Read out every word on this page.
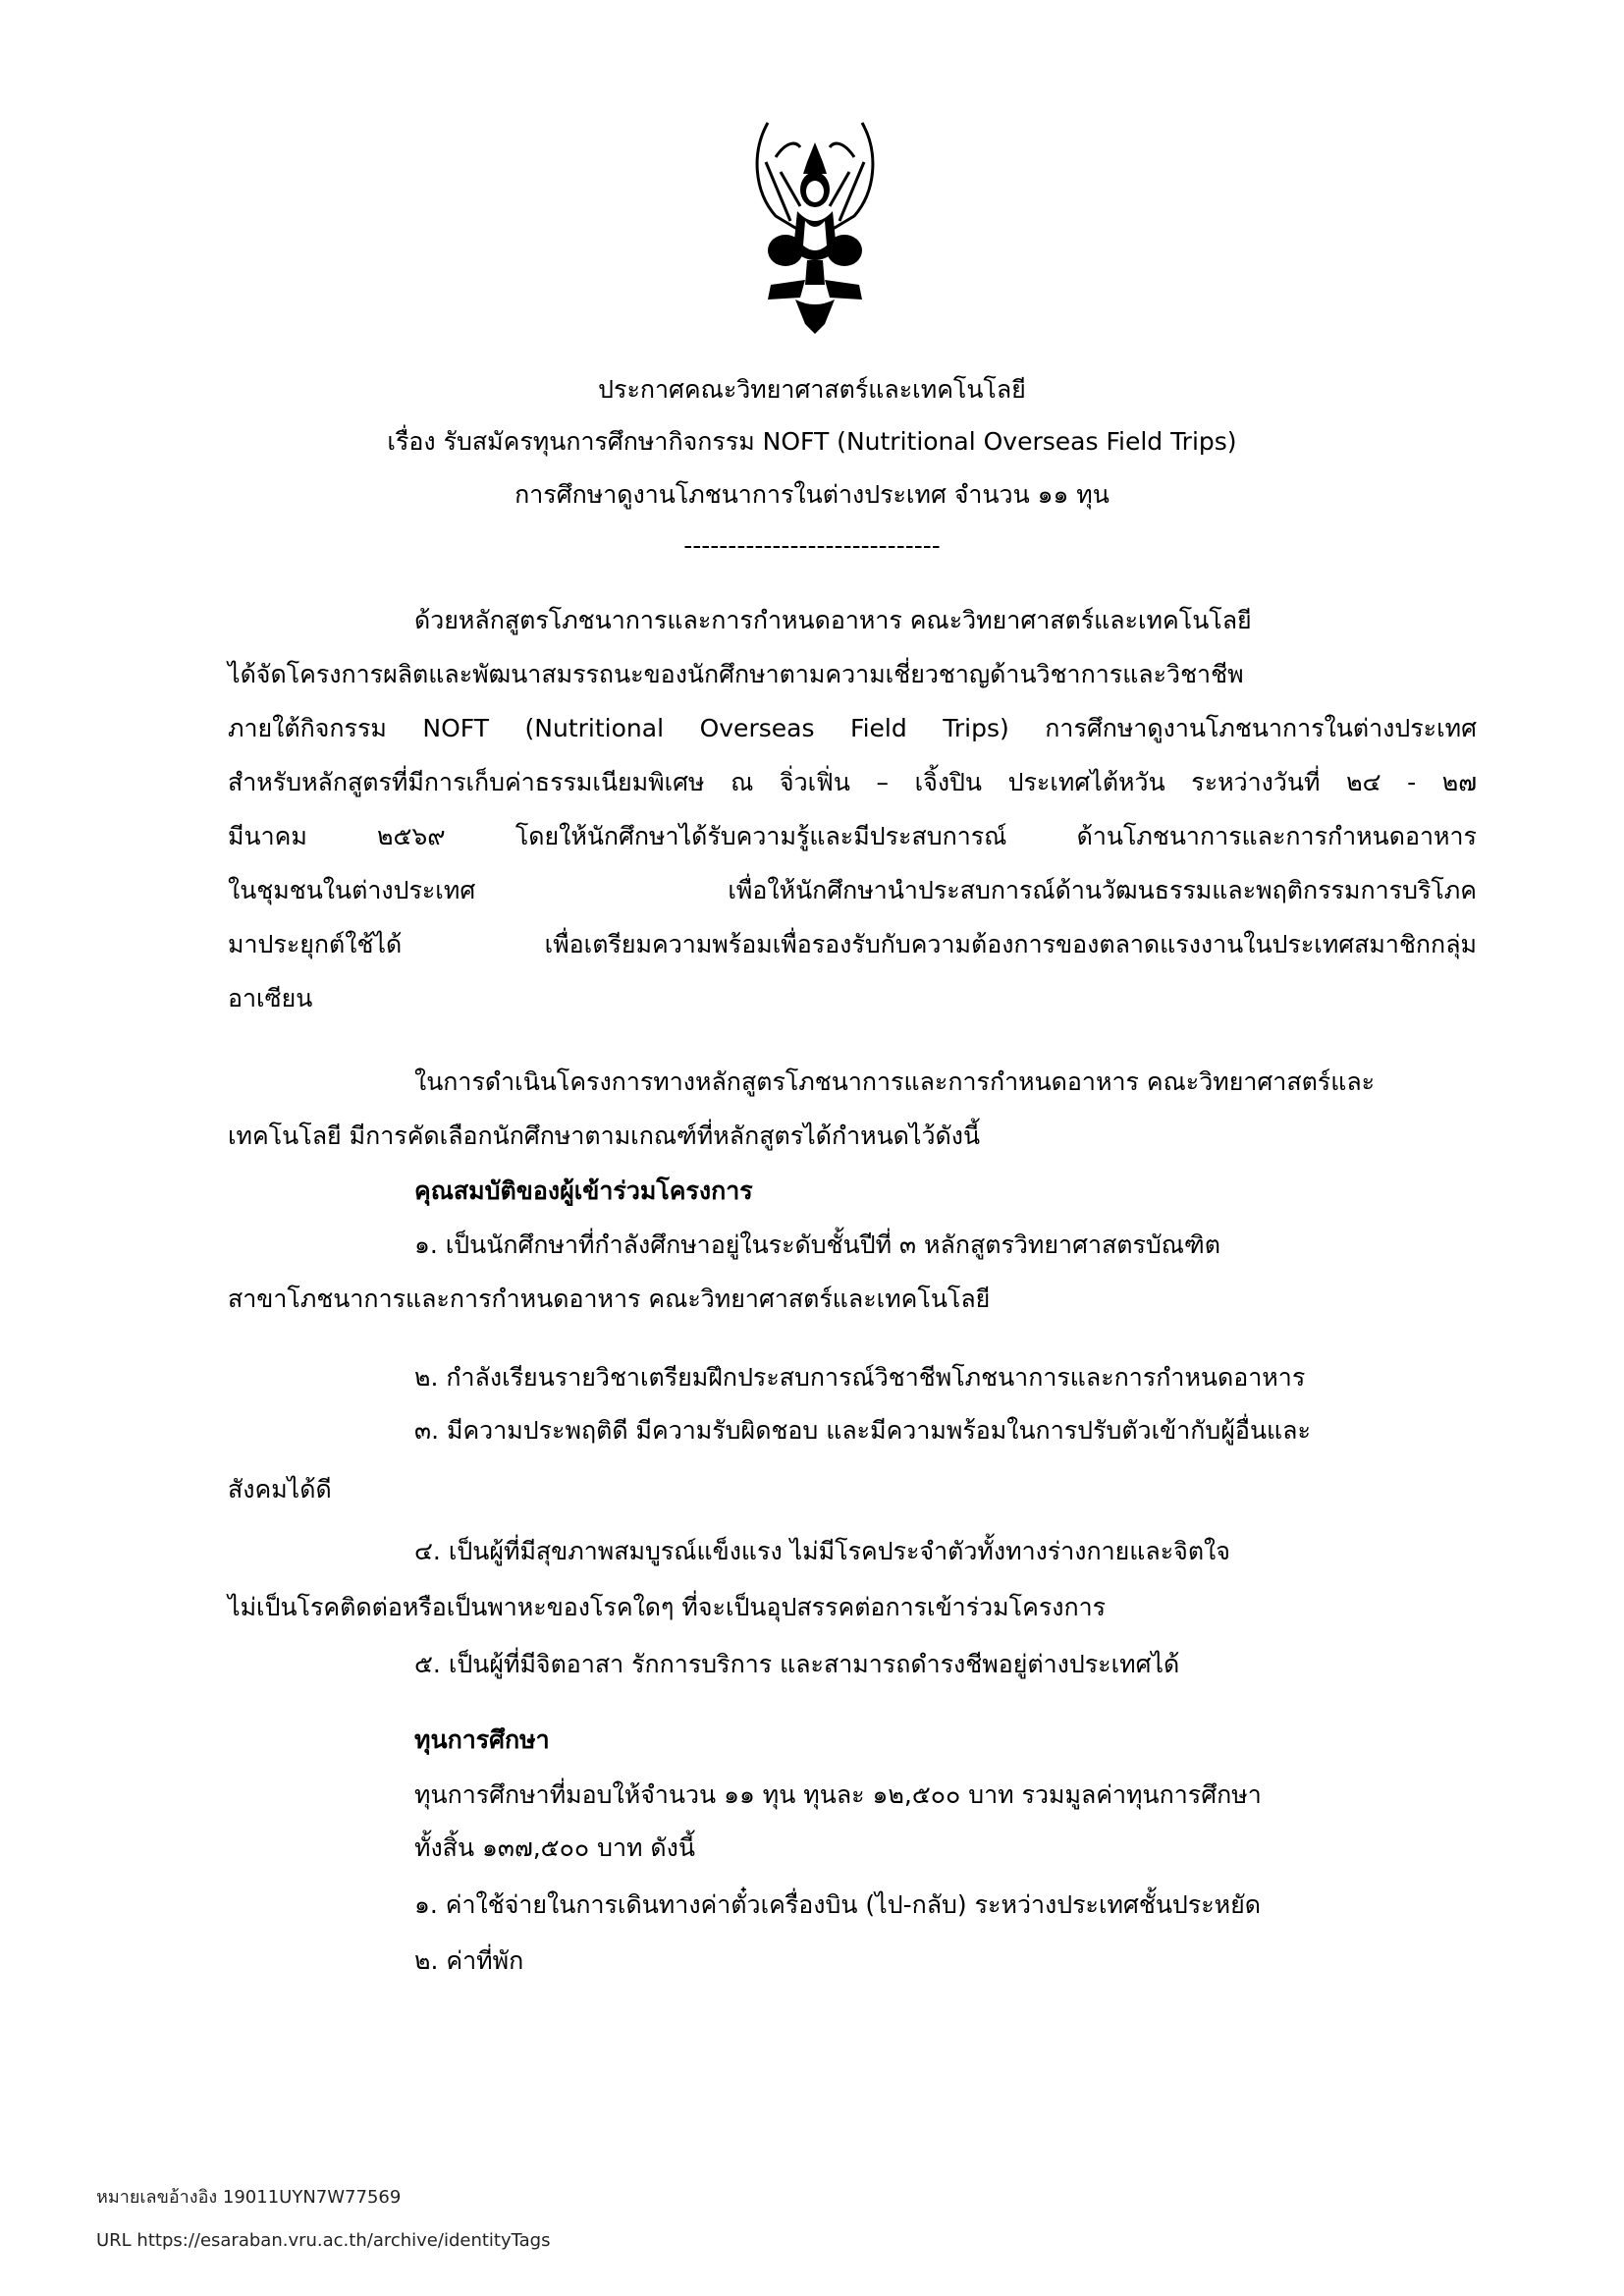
ประกาศคณะวิทยาศาสตร์และเทคโนโลยี
เรื่อง รับสมัครทุนการศึกษากิจกรรม NOFT (Nutritional Overseas Field Trips)
การศึกษาดูงานโภชนาการในต่างประเทศ จำนวน ๑๑ ทุน
-----------------------------
ด้วยหลักสูตรโภชนาการและการกำหนดอาหาร คณะวิทยาศาสตร์และเทคโนโลยี
ได้จัดโครงการผลิตและพัฒนาสมรรถนะของนักศึกษาตามความเชี่ยวชาญด้านวิชาการและวิชาชีพ
ภายใต้กิจกรรม NOFT (Nutritional Overseas Field Trips) การศึกษาดูงานโภชนาการในต่างประเทศ
สำหรับหลักสูตรที่มีการเก็บค่าธรรมเนียมพิเศษ ณ จิ่วเฟิ่น – เจิ้งปิน ประเทศไต้หวัน ระหว่างวันที่ ๒๔ - ๒๗
มีนาคม ๒๕๖๙ โดยให้นักศึกษาได้รับความรู้และมีประสบการณ์ ด้านโภชนาการและการกำหนดอาหาร
ในชุมชนในต่างประเทศ เพื่อให้นักศึกษานำประสบการณ์ด้านวัฒนธรรมและพฤติกรรมการบริโภค
มาประยุกต์ใช้ได้ เพื่อเตรียมความพร้อมเพื่อรองรับกับความต้องการของตลาดแรงงานในประเทศสมาชิกกลุ่ม
อาเซียน
ในการดำเนินโครงการทางหลักสูตรโภชนาการและการกำหนดอาหาร คณะวิทยาศาสตร์และ
เทคโนโลยี มีการคัดเลือกนักศึกษาตามเกณฑ์ที่หลักสูตรได้กำหนดไว้ดังนี้
คุณสมบัติของผู้เข้าร่วมโครงการ
๑. เป็นนักศึกษาที่กำลังศึกษาอยู่ในระดับชั้นปีที่ ๓ หลักสูตรวิทยาศาสตรบัณฑิต
สาขาโภชนาการและการกำหนดอาหาร คณะวิทยาศาสตร์และเทคโนโลยี
๒. กำลังเรียนรายวิชาเตรียมฝึกประสบการณ์วิชาชีพโภชนาการและการกำหนดอาหาร
๓. มีความประพฤติดี มีความรับผิดชอบ และมีความพร้อมในการปรับตัวเข้ากับผู้อื่นและ
สังคมได้ดี
๔. เป็นผู้ที่มีสุขภาพสมบูรณ์แข็งแรง ไม่มีโรคประจำตัวทั้งทางร่างกายและจิตใจ
ไม่เป็นโรคติดต่อหรือเป็นพาหะของโรคใดๆ ที่จะเป็นอุปสรรคต่อการเข้าร่วมโครงการ
๕. เป็นผู้ที่มีจิตอาสา รักการบริการ และสามารถดำรงชีพอยู่ต่างประเทศได้
ทุนการศึกษา
ทุนการศึกษาที่มอบให้จำนวน ๑๑ ทุน ทุนละ ๑๒,๕๐๐ บาท รวมมูลค่าทุนการศึกษา
ทั้งสิ้น ๑๓๗,๕๐๐ บาท ดังนี้
๑. ค่าใช้จ่ายในการเดินทางค่าตั๋วเครื่องบิน (ไป-กลับ) ระหว่างประเทศชั้นประหยัด
๒. ค่าที่พัก
หมายเลขอ้างอิง 19011UYN7W77569
URL https://esaraban.vru.ac.th/archive/identityTags
